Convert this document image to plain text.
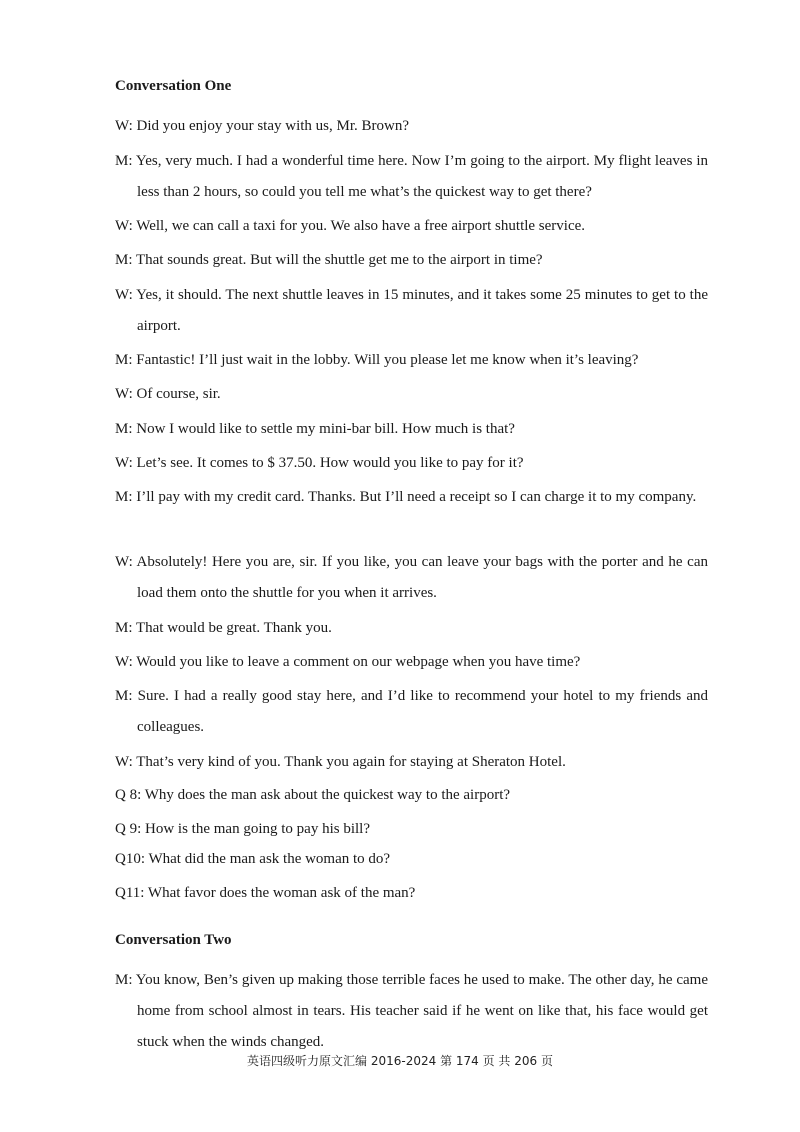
Conversation One
W: Did you enjoy your stay with us, Mr. Brown?
M: Yes, very much. I had a wonderful time here. Now I’m going to the airport. My flight leaves in less than 2 hours, so could you tell me what’s the quickest way to get there?
W: Well, we can call a taxi for you. We also have a free airport shuttle service.
M: That sounds great. But will the shuttle get me to the airport in time?
W: Yes, it should. The next shuttle leaves in 15 minutes, and it takes some 25 minutes to get to the airport.
M: Fantastic! I’ll just wait in the lobby. Will you please let me know when it’s leaving?
W: Of course, sir.
M: Now I would like to settle my mini-bar bill. How much is that?
W: Let’s see. It comes to $ 37.50. How would you like to pay for it?
M: I’ll pay with my credit card. Thanks. But I’ll need a receipt so I can charge it to my company.
W: Absolutely! Here you are, sir. If you like, you can leave your bags with the porter and he can load them onto the shuttle for you when it arrives.
M: That would be great. Thank you.
W: Would you like to leave a comment on our webpage when you have time?
M: Sure. I had a really good stay here, and I’d like to recommend your hotel to my friends and colleagues.
W: That’s very kind of you. Thank you again for staying at Sheraton Hotel.
Q 8: Why does the man ask about the quickest way to the airport?
Q 9: How is the man going to pay his bill?
Q10: What did the man ask the woman to do?
Q11: What favor does the woman ask of the man?
Conversation Two
M: You know, Ben’s given up making those terrible faces he used to make. The other day, he came home from school almost in tears. His teacher said if he went on like that, his face would get stuck when the winds changed.
英语四级听力原文汇编 2016-2024 第 174 页 共 206 页
